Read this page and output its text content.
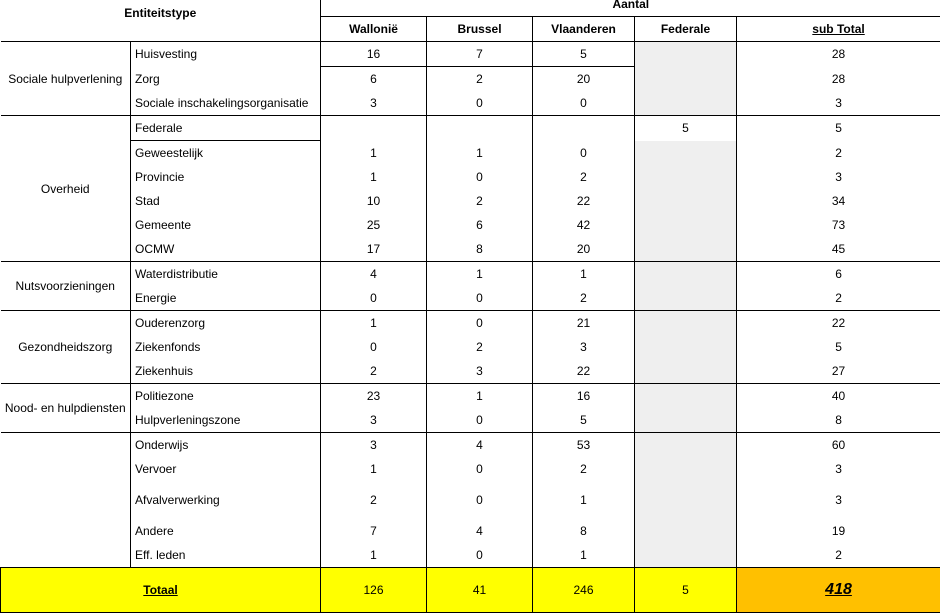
Entiteitstype		Aantal				
		Wallonië	Brussel	Vlaanderen	Federale	sub Total
Sociale hulpverlening	Huisvesting	16	7	5		28
	Zorg	6	2	20		28
	Sociale inschakelingsorganisatie	3	0	0		3
Overheid	Federale				5	5
	Geweestelijk	1	1	0		2
	Provincie	1	0	2		3
	Stad	10	2	22		34
	Gemeente	25	6	42		73
	OCMW	17	8	20		45
Nutsvoorzieningen	Waterdistributie	4	1	1		6
	Energie	0	0	2		2
Gezondheidszorg	Ouderenzorg	1	0	21		22
	Ziekenfonds	0	2	3		5
	Ziekenhuis	2	3	22		27
Nood- en hulpdiensten	Politiezone	23	1	16		40
	Hulpverleningszone	3	0	5		8
	Onderwijs	3	4	53		60
	Vervoer	1	0	2		3
	Afvalverwerking	2	0	1		3
	Andere	7	4	8		19
	Eff. leden	1	0	1		2
Totaal		126	41	246	5	418
